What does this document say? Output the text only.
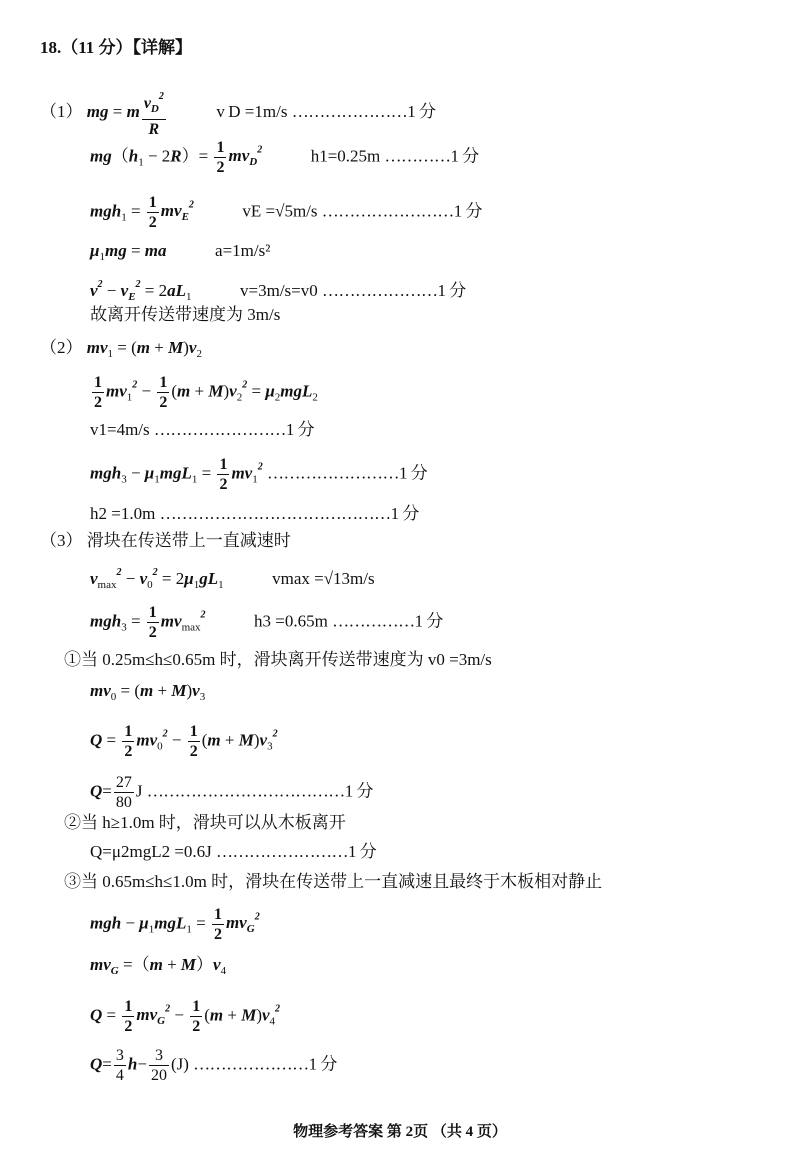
18.（11 分）【详解】
（1） mg = m $\frac{v_D^2}{R}$	v D =1m/s …………………1 分
$mg(h_1 - 2R)= \frac{1}{2} mv_D^2$	h1=0.25m …………1 分
$mgh_1 = \frac{1}{2} mv_E^2$	vE =√5m/s ……………………1 分
$\mu_1mg$ = ma	a=1m/s²
$v^2 - v_E^2 = 2aL_1$	v=3m/s=v0 …………………1 分
故离开传送带速度为 3m/s
（2） $mv_1 = (m + M)v_2$
$\frac{1}{2} mv_1^2 - \frac{1}{2} (m + M)v_2^2 = \mu_2mgL_2$
v1=4m/s ……………………1 分
$mgh_3 - \mu_1mgL_1 = \frac{1}{2} mv_1^2$ ……………………1 分
h2 =1.0m ……………………………………1 分
（3） 滑块在传送带上一直减速时
$v_{max}^2 - v_0^2 = 2\mu_1gL_1$	vmax =√13m/s
$mgh_3 = \frac{1}{2} mv_{max}^2$	h3 =0.65m ……………1 分
①当 0.25m≤h≤0.65m 时，滑块离开传送带速度为 v0 =3m/s
$mv_0 = (m + M)v_3$
$Q = \frac{1}{2} mv_0^2 - \frac{1}{2} (m + M)v_3^2$
$Q= \frac{27}{80}$ J ………………………………1 分
②当 h≥1.0m 时，滑块可以从木板离开
Q=μ2mgL2 =0.6J ……………………1 分
③当 0.65m≤h≤1.0m 时，滑块在传送带上一直减速且最终于木板相对静止
mgh − $\mu_1mgL_1 = \frac{1}{2} mv_G^2$
$mv_G =(m + M)v_4$
$Q = \frac{1}{2} mv_G^2 - \frac{1}{2} (m + M)v_4^2$
$Q= \frac{3}{4} h- \frac{3}{20} (J)$ …………………1 分
物理参考答案 第 2页 （共 4 页）
